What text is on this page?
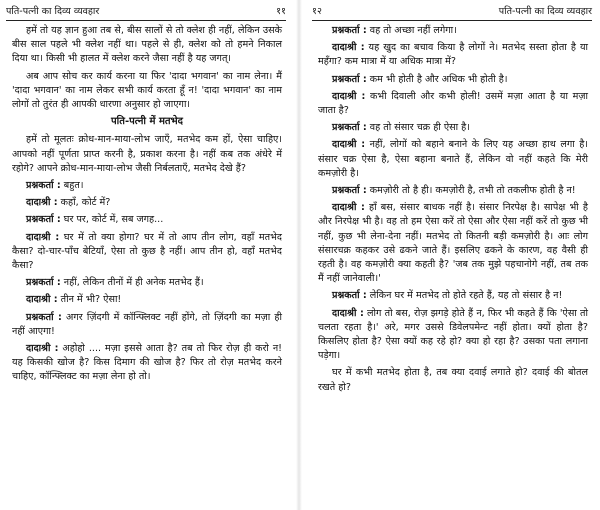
पति-पत्नी का दिव्य व्यवहार	११

हमें तो यह ज्ञान हुआ तब से, बीस सालों से तो क्लेश ही नहीं, लेकिन उसके बीस साल पहले भी क्लेश नहीं था। पहले से ही, क्लेश को तो हमने निकाल दिया था। किसी भी हालत में क्लेश करने जैसा नहीं है यह जगत्।

अब आप सोच कर कार्य करना या फिर 'दादा भगवान' का नाम लेना। मैं 'दादा भगवान' का नाम लेकर सभी कार्य करता हूँ न! 'दादा भगवान' का नाम लोगों तो तुरंत ही आपकी धारणा अनुसार हो जाएगा।

पति-पत्नी में मतभेद

हमें तो मूलतः क्रोध-मान-माया-लोभ जाएँ, मतभेद कम हों, ऐसा चाहिए। आपको नहीं पूर्णता प्राप्त करनी है, प्रकाश करना है। नहीं कब तक अंधेरे में रहोगे? आपने क्रोध-मान-माया-लोभ जैसी निर्बलताएँ, मतभेद देखे हैं?

प्रश्नकर्ता : बहुत।

दादाश्री : कहाँ, कोर्ट में?

प्रश्नकर्ता : घर पर, कोर्ट में, सब जगह...

दादाश्री : घर में तो क्या होगा? घर में तो आप तीन लोग, वहाँ मतभेद कैसा? दो-चार-पाँच बेटियाँ, ऐसा तो कुछ है नहीं। आप तीन हो, वहाँ मतभेद कैसा?

प्रश्नकर्ता : नहीं, लेकिन तीनों में ही अनेक मतभेद हैं।

दादाश्री : तीन में भी? ऐसा!

प्रश्नकर्ता : अगर ज़िंदगी में कॉन्फ्लिक्ट नहीं होंगे, तो ज़िंदगी का मज़ा ही नहीं आएगा!

दादाश्री : अहोहो .... मज़ा इससे आता है? तब तो फिर रोज़ ही करो न! यह किसकी खोज है? किस दिमाग की खोज है? फिर तो रोज़ मतभेद करने चाहिए, कॉन्फ्लिक्ट का मज़ा लेना हो तो।

१२	पति-पत्नी का दिव्य व्यवहार

प्रश्नकर्ता : वह तो अच्छा नहीं लगेगा।

दादाश्री : यह खुद का बचाव किया है लोगों ने। मतभेद सस्ता होता है या महँगा? कम मात्रा में या अधिक मात्रा में?

प्रश्नकर्ता : कम भी होती है और अधिक भी होती है।

दादाश्री : कभी दिवाली और कभी होली! उसमें मज़ा आता है या मज़ा जाता है?

प्रश्नकर्ता : वह तो संसार चक्र ही ऐसा है।

दादाश्री : नहीं, लोगों को बहाने बनाने के लिए यह अच्छा हाथ लगा है। संसार चक्र ऐसा है, ऐसा बहाना बनाते हैं, लेकिन वो नहीं कहते कि मेरी कमज़ोरी है।

प्रश्नकर्ता : कमज़ोरी तो है ही। कमज़ोरी है, तभी तो तकलीफ होती है न!

दादाश्री : हाँ बस, संसार बाधक नहीं है। संसार निरपेक्ष है। सापेक्ष भी है और निरपेक्ष भी है। वह तो हम ऐसा करें तो ऐसा और ऐसा नहीं करें तो कुछ भी नहीं, कुछ भी लेना-देना नहीं। मतभेद तो कितनी बड़ी कमज़ोरी है। आः लोग संसारचक्र कहकर उसे ढकने जाते हैं। इसलिए ढकने के कारण, वह वैसी ही रहती है। वह कमज़ोरी क्या कहती है? 'जब तक मुझे पहचानोगे नहीं, तब तक मैं नहीं जानेवाली।'

प्रश्नकर्ता : लेकिन घर में मतभेद तो होते रहते हैं, यह तो संसार है न!

दादाश्री : लोग तो बस, रोज़ झगड़े होते हैं न, फिर भी कहते हैं कि 'ऐसा तो चलता रहता है।' अरे, मगर उससे डिवेलपमेन्ट नहीं होता। क्यों होता है? किसलिए होता है? ऐसा क्यों कह रहे हो? क्या हो रहा है? उसका पता लगाना पड़ेगा।

घर में कभी मतभेद होता है, तब क्या दवाई लगाते हो? दवाई की बोतल रखते हो?
